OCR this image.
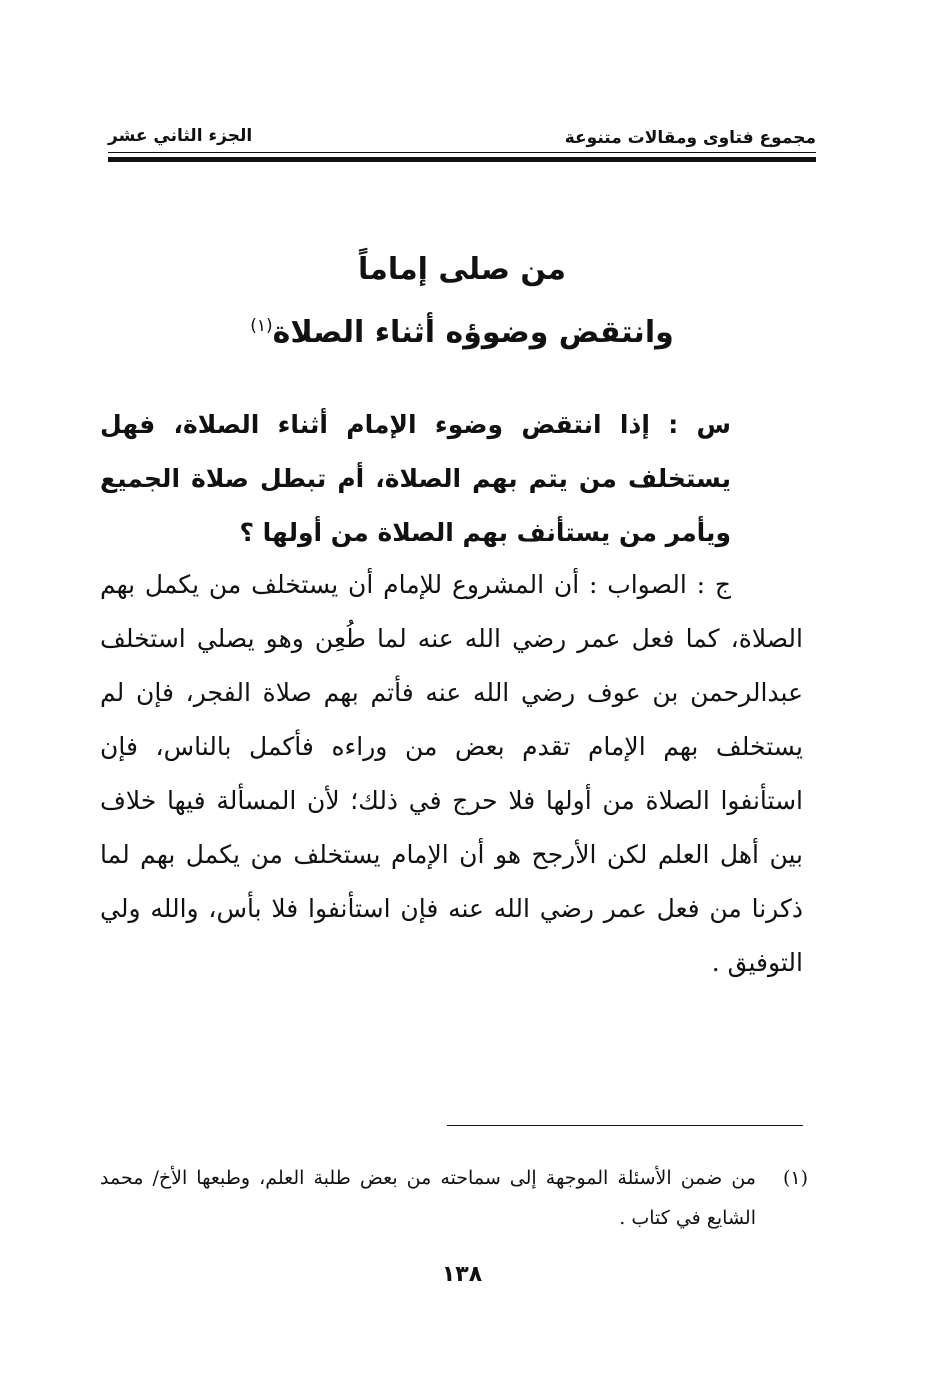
مجموع فتاوى ومقالات متنوعة
الجزء الثاني عشر
من صلى إماماً
وانتقض وضوؤه أثناء الصلاة$^{(١)}$
س : إذا انتقض وضوء الإمام أثناء الصلاة، فهل يستخلف من يتم بهم الصلاة، أم تبطل صلاة الجميع ويأمر من يستأنف بهم الصلاة من أولها ؟
ج : الصواب : أن المشروع للإمام أن يستخلف من يكمل بهم الصلاة، كما فعل عمر رضي الله عنه لما طُعِن وهو يصلي استخلف عبدالرحمن بن عوف رضي الله عنه فأتم بهم صلاة الفجر، فإن لم يستخلف بهم الإمام تقدم بعض من وراءه فأكمل بالناس، فإن استأنفوا الصلاة من أولها فلا حرج في ذلك؛ لأن المسألة فيها خلاف بين أهل العلم لكن الأرجح هو أن الإمام يستخلف من يكمل بهم لما ذكرنا من فعل عمر رضي الله عنه فإن استأنفوا فلا بأس، والله ولي التوفيق .
(١)
من ضمن الأسئلة الموجهة إلى سماحته من بعض طلبة العلم، وطبعها الأخ/ محمد الشايع في كتاب .
١٣٨
